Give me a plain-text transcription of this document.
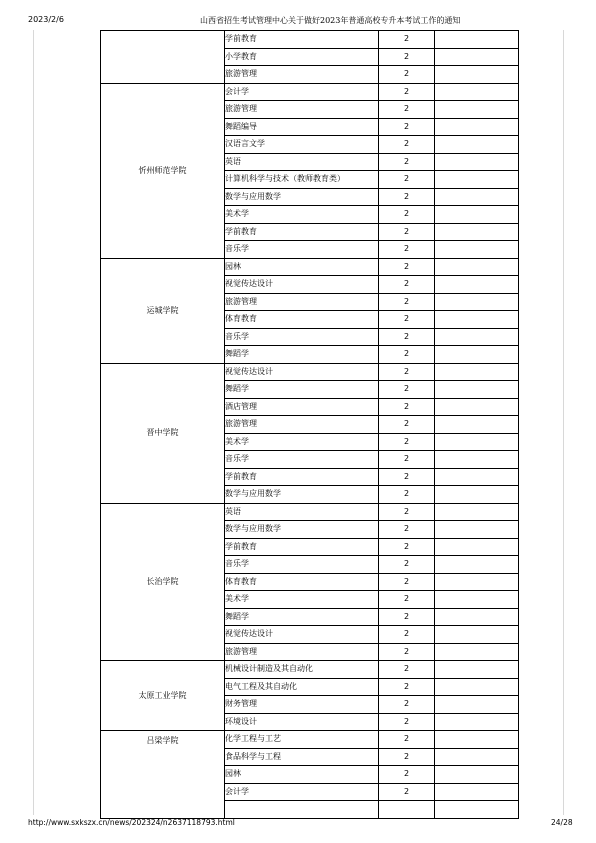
2023/2/6	山西省招生考试管理中心关于做好2023年普通高校专升本考试工作的通知
	学前教育	2	
	小学教育	2	
	旅游管理	2	
忻州师范学院	会计学	2	
	旅游管理	2	
	舞蹈编导	2	
	汉语言文学	2	
	英语	2	
	计算机科学与技术（教师教育类）	2	
	数学与应用数学	2	
	美术学	2	
	学前教育	2	
	音乐学	2	
运城学院	园林	2	
	视觉传达设计	2	
	旅游管理	2	
	体育教育	2	
	音乐学	2	
	舞蹈学	2	
晋中学院	视觉传达设计	2	
	舞蹈学	2	
	酒店管理	2	
	旅游管理	2	
	美术学	2	
	音乐学	2	
	学前教育	2	
	数学与应用数学	2	
长治学院	英语	2	
	数学与应用数学	2	
	学前教育	2	
	音乐学	2	
	体育教育	2	
	美术学	2	
	舞蹈学	2	
	视觉传达设计	2	
	旅游管理	2	
太原工业学院	机械设计制造及其自动化	2	
	电气工程及其自动化	2	
	财务管理	2	
	环境设计	2	
吕梁学院	化学工程与工艺	2	
	食品科学与工程	2	
	园林	2	
	会计学	2	

http://www.sxkszx.cn/news/202324/n2637118793.html	24/28
